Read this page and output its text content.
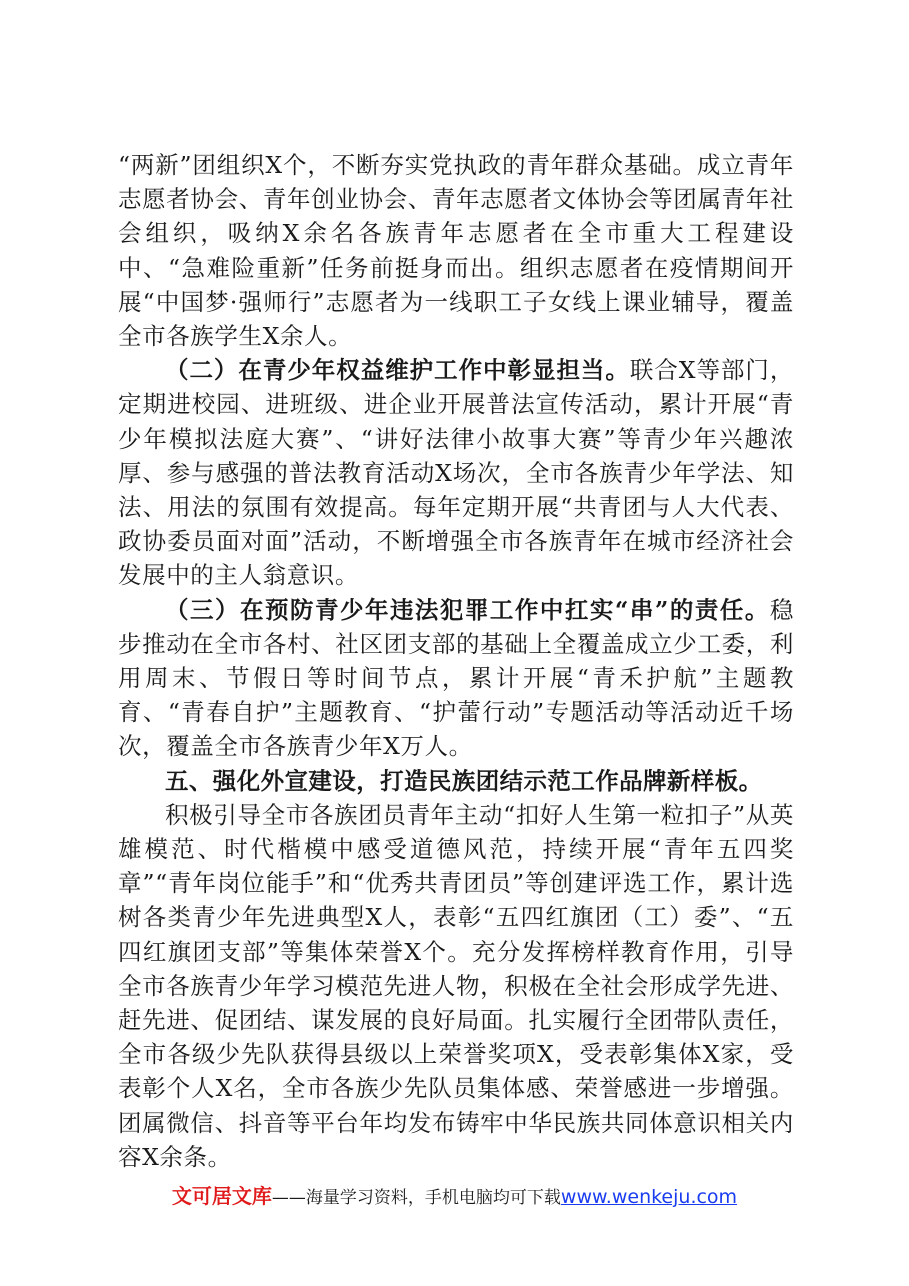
“两新”团组织X个，不断夯实党执政的青年群众基础。成立青年志愿者协会、青年创业协会、青年志愿者文体协会等团属青年社会组织，吸纳X余名各族青年志愿者在全市重大工程建设中、“急难险重新”任务前挺身而出。组织志愿者在疫情期间开展“中国梦·强师行”志愿者为一线职工子女线上课业辅导，覆盖全市各族学生X余人。

（二）在青少年权益维护工作中彰显担当。联合X等部门，定期进校园、进班级、进企业开展普法宣传活动，累计开展“青少年模拟法庭大赛”、“讲好法律小故事大赛”等青少年兴趣浓厚、参与感强的普法教育活动X场次，全市各族青少年学法、知法、用法的氛围有效提高。每年定期开展“共青团与人大代表、政协委员面对面”活动，不断增强全市各族青年在城市经济社会发展中的主人翁意识。

（三）在预防青少年违法犯罪工作中扛实“串”的责任。稳步推动在全市各村、社区团支部的基础上全覆盖成立少工委，利用周末、节假日等时间节点，累计开展“青禾护航”主题教育、“青春自护”主题教育、“护蕾行动”专题活动等活动近千场次，覆盖全市各族青少年X万人。

五、强化外宣建设，打造民族团结示范工作品牌新样板。

积极引导全市各族团员青年主动“扣好人生第一粒扣子”从英雄模范、时代楷模中感受道德风范，持续开展“青年五四奖章”“青年岗位能手”和“优秀共青团员”等创建评选工作，累计选树各类青少年先进典型X人，表彰“五四红旗团（工）委”、“五四红旗团支部”等集体荣誉X个。充分发挥榜样教育作用，引导全市各族青少年学习模范先进人物，积极在全社会形成学先进、赶先进、促团结、谋发展的良好局面。扎实履行全团带队责任，全市各级少先队获得县级以上荣誉奖项X，受表彰集体X家，受表彰个人X名，全市各族少先队员集体感、荣誉感进一步增强。团属微信、抖音等平台年均发布铸牢中华民族共同体意识相关内容X余条。

文可居文库——海量学习资料，手机电脑均可下载www.wenkeju.com
